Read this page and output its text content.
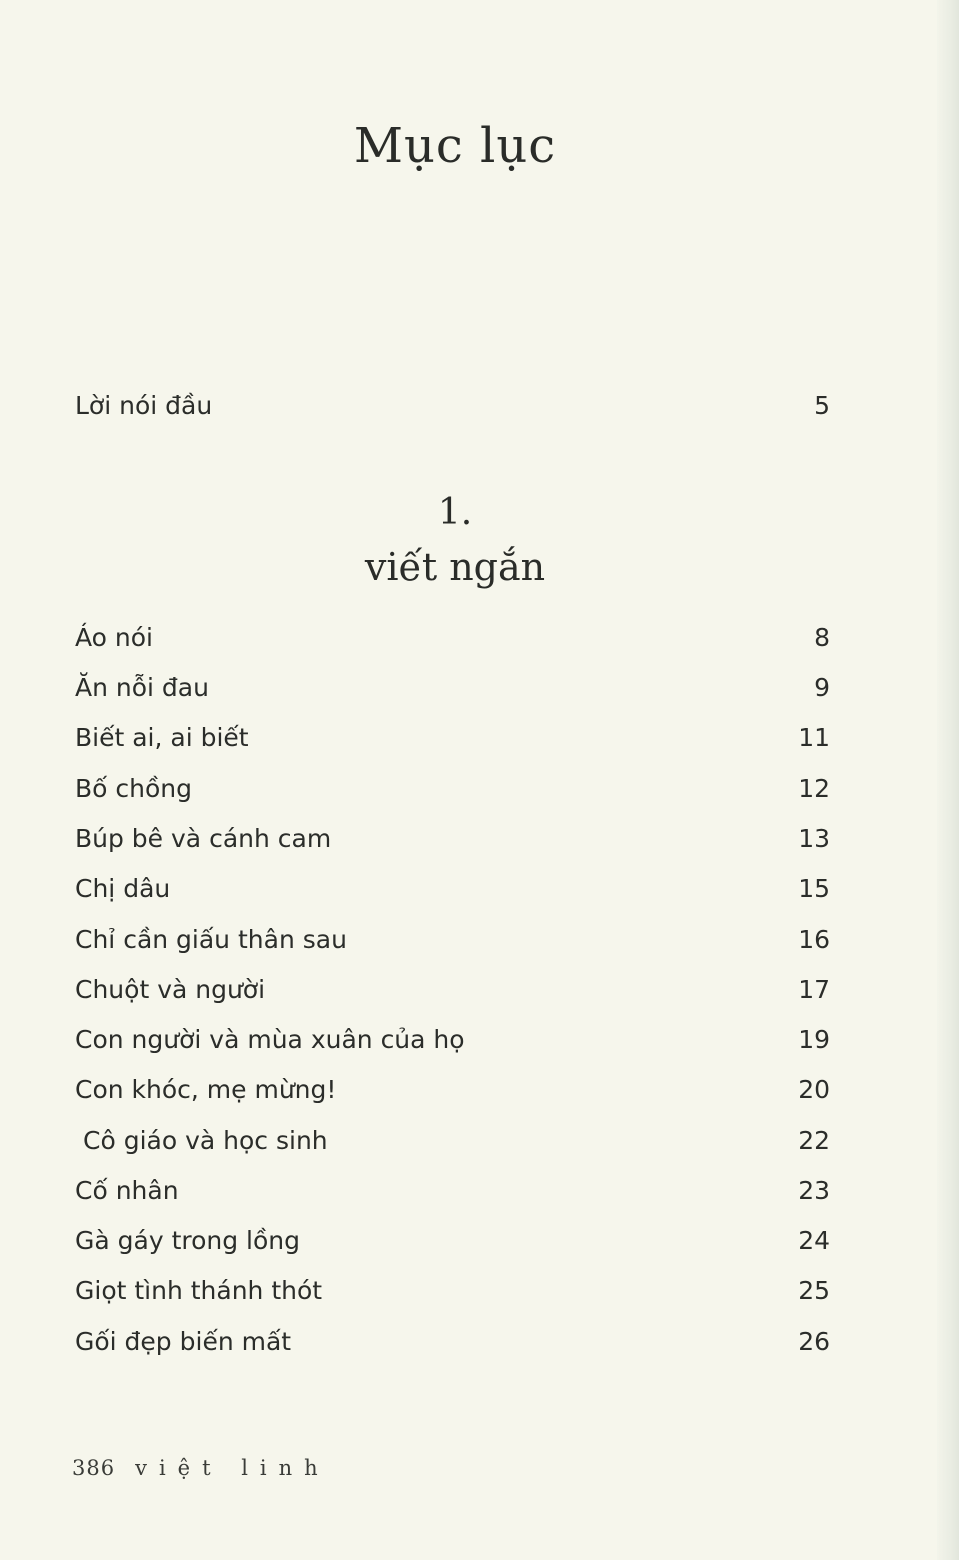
Mục lục
Lời nói đầu	5
1.
viết ngắn
Áo nói	8
Ăn nỗi đau	9
Biết ai, ai biết	11
Bố chồng	12
Búp bê và cánh cam	13
Chị dâu	15
Chỉ cần giấu thân sau	16
Chuột và người	17
Con người và mùa xuân của họ	19
Con khóc, mẹ mừng!	20
Cô giáo và học sinh	22
Cố nhân	23
Gà gáy trong lồng	24
Giọt tình thánh thót	25
Gối đẹp biến mất	26
386 việt linh
